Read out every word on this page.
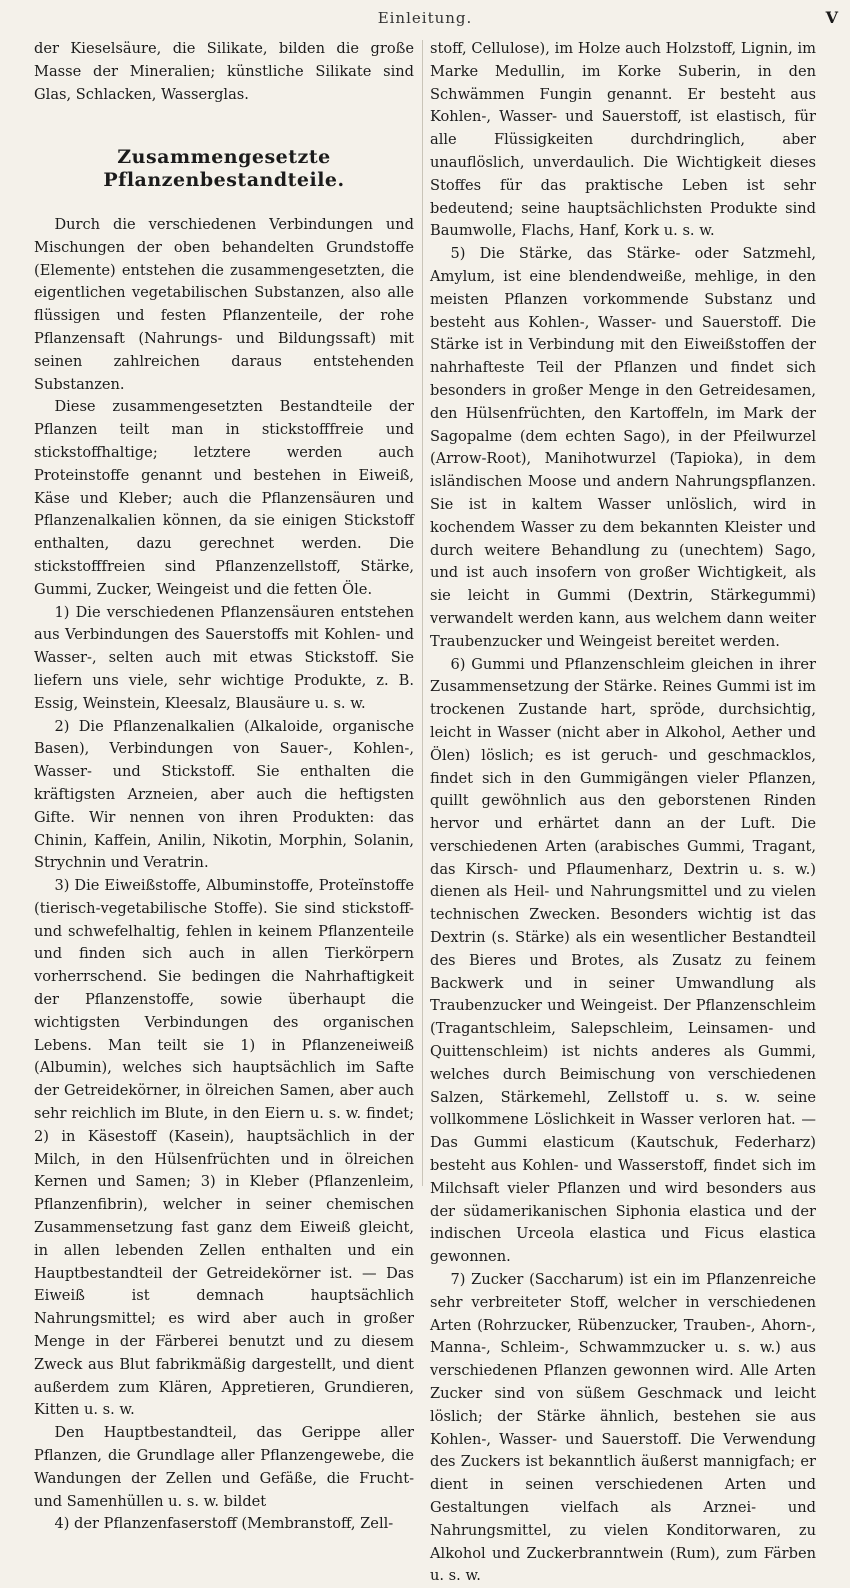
Einleitung.	V

der Kieselsäure, die Silikate, bilden die große Masse der Mineralien; künstliche Silikate sind Glas, Schlacken, Wasserglas.

Zusammengesetzte Pflanzenbestandteile.

Durch die verschiedenen Verbindungen und Mischungen der oben behandelten Grundstoffe (Elemente) entstehen die zusammengesetzten, die eigentlichen vegetabilischen Substanzen, also alle flüssigen und festen Pflanzenteile, der rohe Pflanzensaft (Nahrungs- und Bildungssaft) mit seinen zahlreichen daraus entstehenden Substanzen.

Diese zusammengesetzten Bestandteile der Pflanzen teilt man in stickstofffreie und stickstoffhaltige; letztere werden auch Proteinstoffe genannt und bestehen in Eiweiß, Käse und Kleber; auch die Pflanzensäuren und Pflanzenalkalien können, da sie einigen Stickstoff enthalten, dazu gerechnet werden. Die stickstofffreien sind Pflanzenzellstoff, Stärke, Gummi, Zucker, Weingeist und die fetten Öle.

1) Die verschiedenen Pflanzensäuren entstehen aus Verbindungen des Sauerstoffs mit Kohlen- und Wasser-, selten auch mit etwas Stickstoff. Sie liefern uns viele, sehr wichtige Produkte, z. B. Essig, Weinstein, Kleesalz, Blausäure u. s. w.

2) Die Pflanzenalkalien (Alkaloide, organische Basen), Verbindungen von Sauer-, Kohlen-, Wasser- und Stickstoff. Sie enthalten die kräftigsten Arzneien, aber auch die heftigsten Gifte. Wir nennen von ihren Produkten: das Chinin, Kaffein, Anilin, Nikotin, Morphin, Solanin, Strychnin und Veratrin.

3) Die Eiweißstoffe, Albuminstoffe, Proteïnstoffe (tierisch-vegetabilische Stoffe). Sie sind stickstoff- und schwefelhaltig, fehlen in keinem Pflanzenteile und finden sich auch in allen Tierkörpern vorherrschend. Sie bedingen die Nahrhaftigkeit der Pflanzenstoffe, sowie überhaupt die wichtigsten Verbindungen des organischen Lebens. Man teilt sie 1) in Pflanzeneiweiß (Albumin), welches sich hauptsächlich im Safte der Getreidekörner, in ölreichen Samen, aber auch sehr reichlich im Blute, in den Eiern u. s. w. findet; 2) in Käsestoff (Kasein), hauptsächlich in der Milch, in den Hülsenfrüchten und in ölreichen Kernen und Samen; 3) in Kleber (Pflanzenleim, Pflanzenfibrin), welcher in seiner chemischen Zusammensetzung fast ganz dem Eiweiß gleicht, in allen lebenden Zellen enthalten und ein Hauptbestandteil der Getreidekörner ist. — Das Eiweiß ist demnach hauptsächlich Nahrungsmittel; es wird aber auch in großer Menge in der Färberei benutzt und zu diesem Zweck aus Blut fabrikmäßig dargestellt, und dient außerdem zum Klären, Appretieren, Grundieren, Kitten u. s. w.

Den Hauptbestandteil, das Gerippe aller Pflanzen, die Grundlage aller Pflanzengewebe, die Wandungen der Zellen und Gefäße, die Frucht- und Samenhüllen u. s. w. bildet

4) der Pflanzenfaserstoff (Membranstoff, Zell-

stoff, Cellulose), im Holze auch Holzstoff, Lignin, im Marke Medullin, im Korke Suberin, in den Schwämmen Fungin genannt. Er besteht aus Kohlen-, Wasser- und Sauerstoff, ist elastisch, für alle Flüssigkeiten durchdringlich, aber unauflöslich, unverdaulich. Die Wichtigkeit dieses Stoffes für das praktische Leben ist sehr bedeutend; seine hauptsächlichsten Produkte sind Baumwolle, Flachs, Hanf, Kork u. s. w.

5) Die Stärke, das Stärke- oder Satzmehl, Amylum, ist eine blendendweiße, mehlige, in den meisten Pflanzen vorkommende Substanz und besteht aus Kohlen-, Wasser- und Sauerstoff. Die Stärke ist in Verbindung mit den Eiweißstoffen der nahrhafteste Teil der Pflanzen und findet sich besonders in großer Menge in den Getreidesamen, den Hülsenfrüchten, den Kartoffeln, im Mark der Sagopalme (dem echten Sago), in der Pfeilwurzel (Arrow-Root), Manihotwurzel (Tapioka), in dem isländischen Moose und andern Nahrungspflanzen. Sie ist in kaltem Wasser unlöslich, wird in kochendem Wasser zu dem bekannten Kleister und durch weitere Behandlung zu (unechtem) Sago, und ist auch insofern von großer Wichtigkeit, als sie leicht in Gummi (Dextrin, Stärkegummi) verwandelt werden kann, aus welchem dann weiter Traubenzucker und Weingeist bereitet werden.

6) Gummi und Pflanzenschleim gleichen in ihrer Zusammensetzung der Stärke. Reines Gummi ist im trockenen Zustande hart, spröde, durchsichtig, leicht in Wasser (nicht aber in Alkohol, Aether und Ölen) löslich; es ist geruch- und geschmacklos, findet sich in den Gummigängen vieler Pflanzen, quillt gewöhnlich aus den geborstenen Rinden hervor und erhärtet dann an der Luft. Die verschiedenen Arten (arabisches Gummi, Tragant, das Kirsch- und Pflaumenharz, Dextrin u. s. w.) dienen als Heil- und Nahrungsmittel und zu vielen technischen Zwecken. Besonders wichtig ist das Dextrin (s. Stärke) als ein wesentlicher Bestandteil des Bieres und Brotes, als Zusatz zu feinem Backwerk und in seiner Umwandlung als Traubenzucker und Weingeist. Der Pflanzenschleim (Tragantschleim, Salepschleim, Leinsamen- und Quittenschleim) ist nichts anderes als Gummi, welches durch Beimischung von verschiedenen Salzen, Stärkemehl, Zellstoff u. s. w. seine vollkommene Löslichkeit in Wasser verloren hat. — Das Gummi elasticum (Kautschuk, Federharz) besteht aus Kohlen- und Wasserstoff, findet sich im Milchsaft vieler Pflanzen und wird besonders aus der südamerikanischen Siphonia elastica und der indischen Urceola elastica und Ficus elastica gewonnen.

7) Zucker (Saccharum) ist ein im Pflanzenreiche sehr verbreiteter Stoff, welcher in verschiedenen Arten (Rohrzucker, Rübenzucker, Trauben-, Ahorn-, Manna-, Schleim-, Schwammzucker u. s. w.) aus verschiedenen Pflanzen gewonnen wird. Alle Arten Zucker sind von süßem Geschmack und leicht löslich; der Stärke ähnlich, bestehen sie aus Kohlen-, Wasser- und Sauerstoff. Die Verwendung des Zuckers ist bekanntlich äußerst mannigfach; er dient in seinen verschiedenen Arten und Gestaltungen vielfach als Arznei- und Nahrungsmittel, zu vielen Konditorwaren, zu Alkohol und Zuckerbranntwein (Rum), zum Färben u. s. w.
